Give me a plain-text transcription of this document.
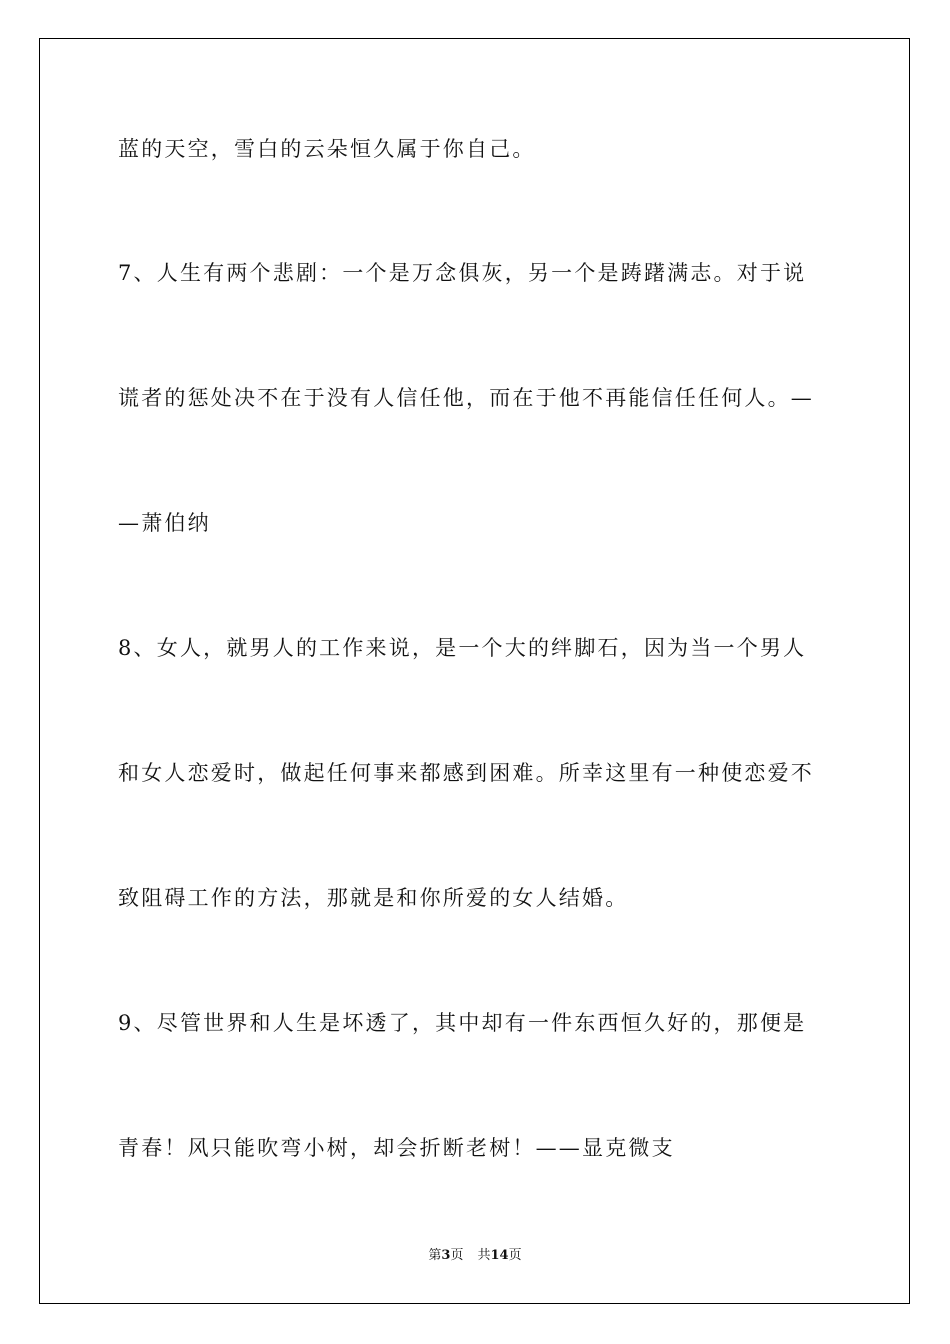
蓝的天空，雪白的云朵恒久属于你自己。
7、人生有两个悲剧：一个是万念俱灰，另一个是踌躇满志。对于说
谎者的惩处决不在于没有人信任他，而在于他不再能信任任何人。—
—萧伯纳
8、女人，就男人的工作来说，是一个大的绊脚石，因为当一个男人
和女人恋爱时，做起任何事来都感到困难。所幸这里有一种使恋爱不
致阻碍工作的方法，那就是和你所爱的女人结婚。
9、尽管世界和人生是坏透了，其中却有一件东西恒久好的，那便是
青春！风只能吹弯小树，却会折断老树！——显克微支
第3页 共14页
